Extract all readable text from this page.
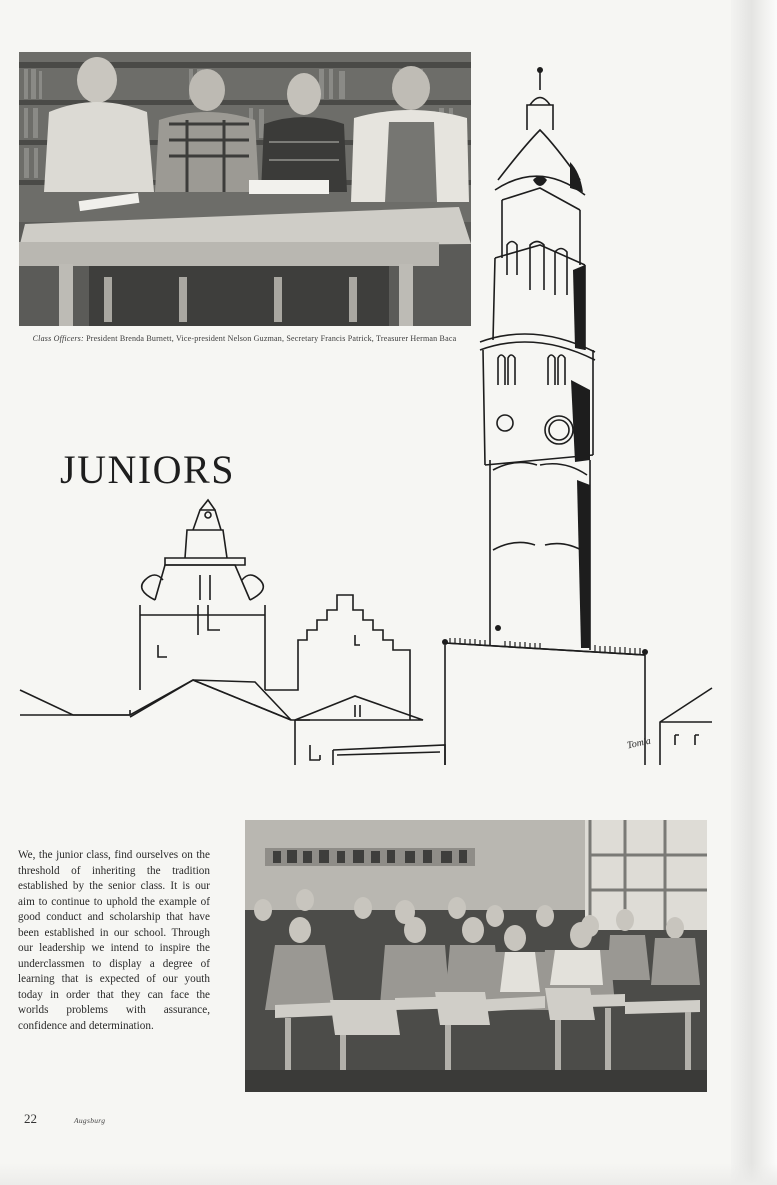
Class Officers: President Brenda Burnett, Vice-president Nelson Guzman, Secretary Francis Patrick, Treasurer Herman Baca
JUNIORS
Tom'a
We, the junior class, find ourselves on the threshold of inheriting the tradition established by the senior class. It is our aim to continue to uphold the example of good conduct and scholarship that have been established in our school. Through our leadership we intend to inspire the underclassmen to display a degree of learning that is expected of our youth today in order that they can face the worlds problems with assurance, confidence and determination.
22	Augsburg
